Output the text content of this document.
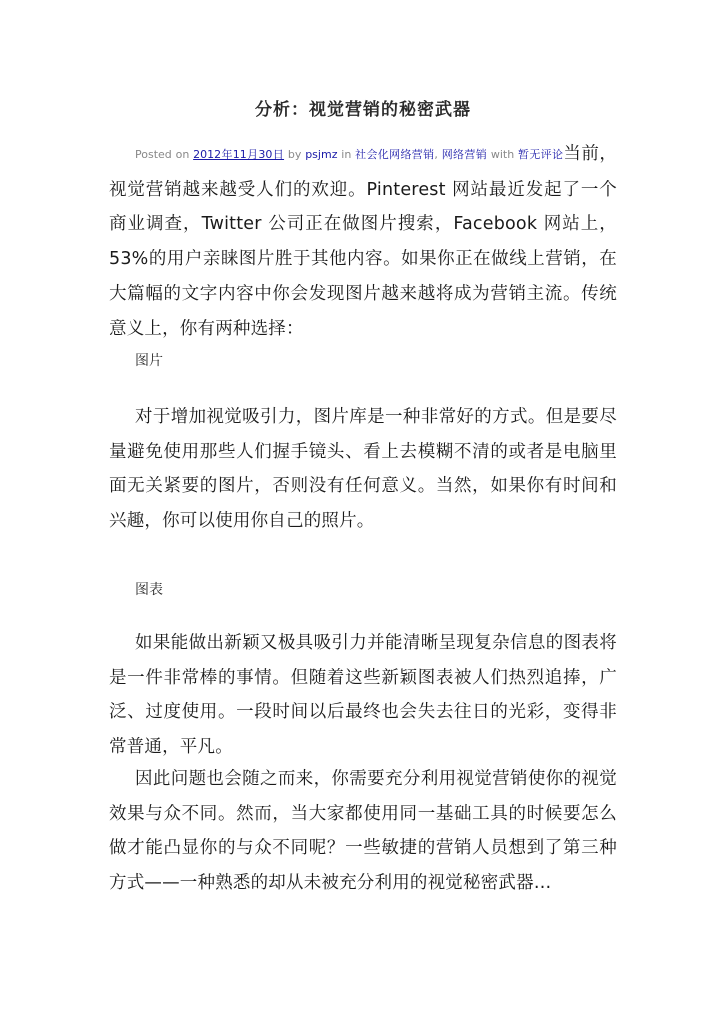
分析：视觉营销的秘密武器
Posted on 2012年11月30日 by psjmz in 社会化网络营销, 网络营销 with 暂无评论当前，视觉营销越来越受人们的欢迎。Pinterest 网站最近发起了一个商业调查，Twitter 公司正在做图片搜索，Facebook 网站上，53%的用户亲睐图片胜于其他内容。如果你正在做线上营销，在大篇幅的文字内容中你会发现图片越来越将成为营销主流。传统意义上，你有两种选择：
图片
对于增加视觉吸引力，图片库是一种非常好的方式。但是要尽量避免使用那些人们握手镜头、看上去模糊不清的或者是电脑里面无关紧要的图片，否则没有任何意义。当然，如果你有时间和兴趣，你可以使用你自己的照片。
图表
如果能做出新颖又极具吸引力并能清晰呈现复杂信息的图表将是一件非常棒的事情。但随着这些新颖图表被人们热烈追捧，广泛、过度使用。一段时间以后最终也会失去往日的光彩，变得非常普通，平凡。
因此问题也会随之而来，你需要充分利用视觉营销使你的视觉效果与众不同。然而，当大家都使用同一基础工具的时候要怎么做才能凸显你的与众不同呢？一些敏捷的营销人员想到了第三种方式——一种熟悉的却从未被充分利用的视觉秘密武器…
